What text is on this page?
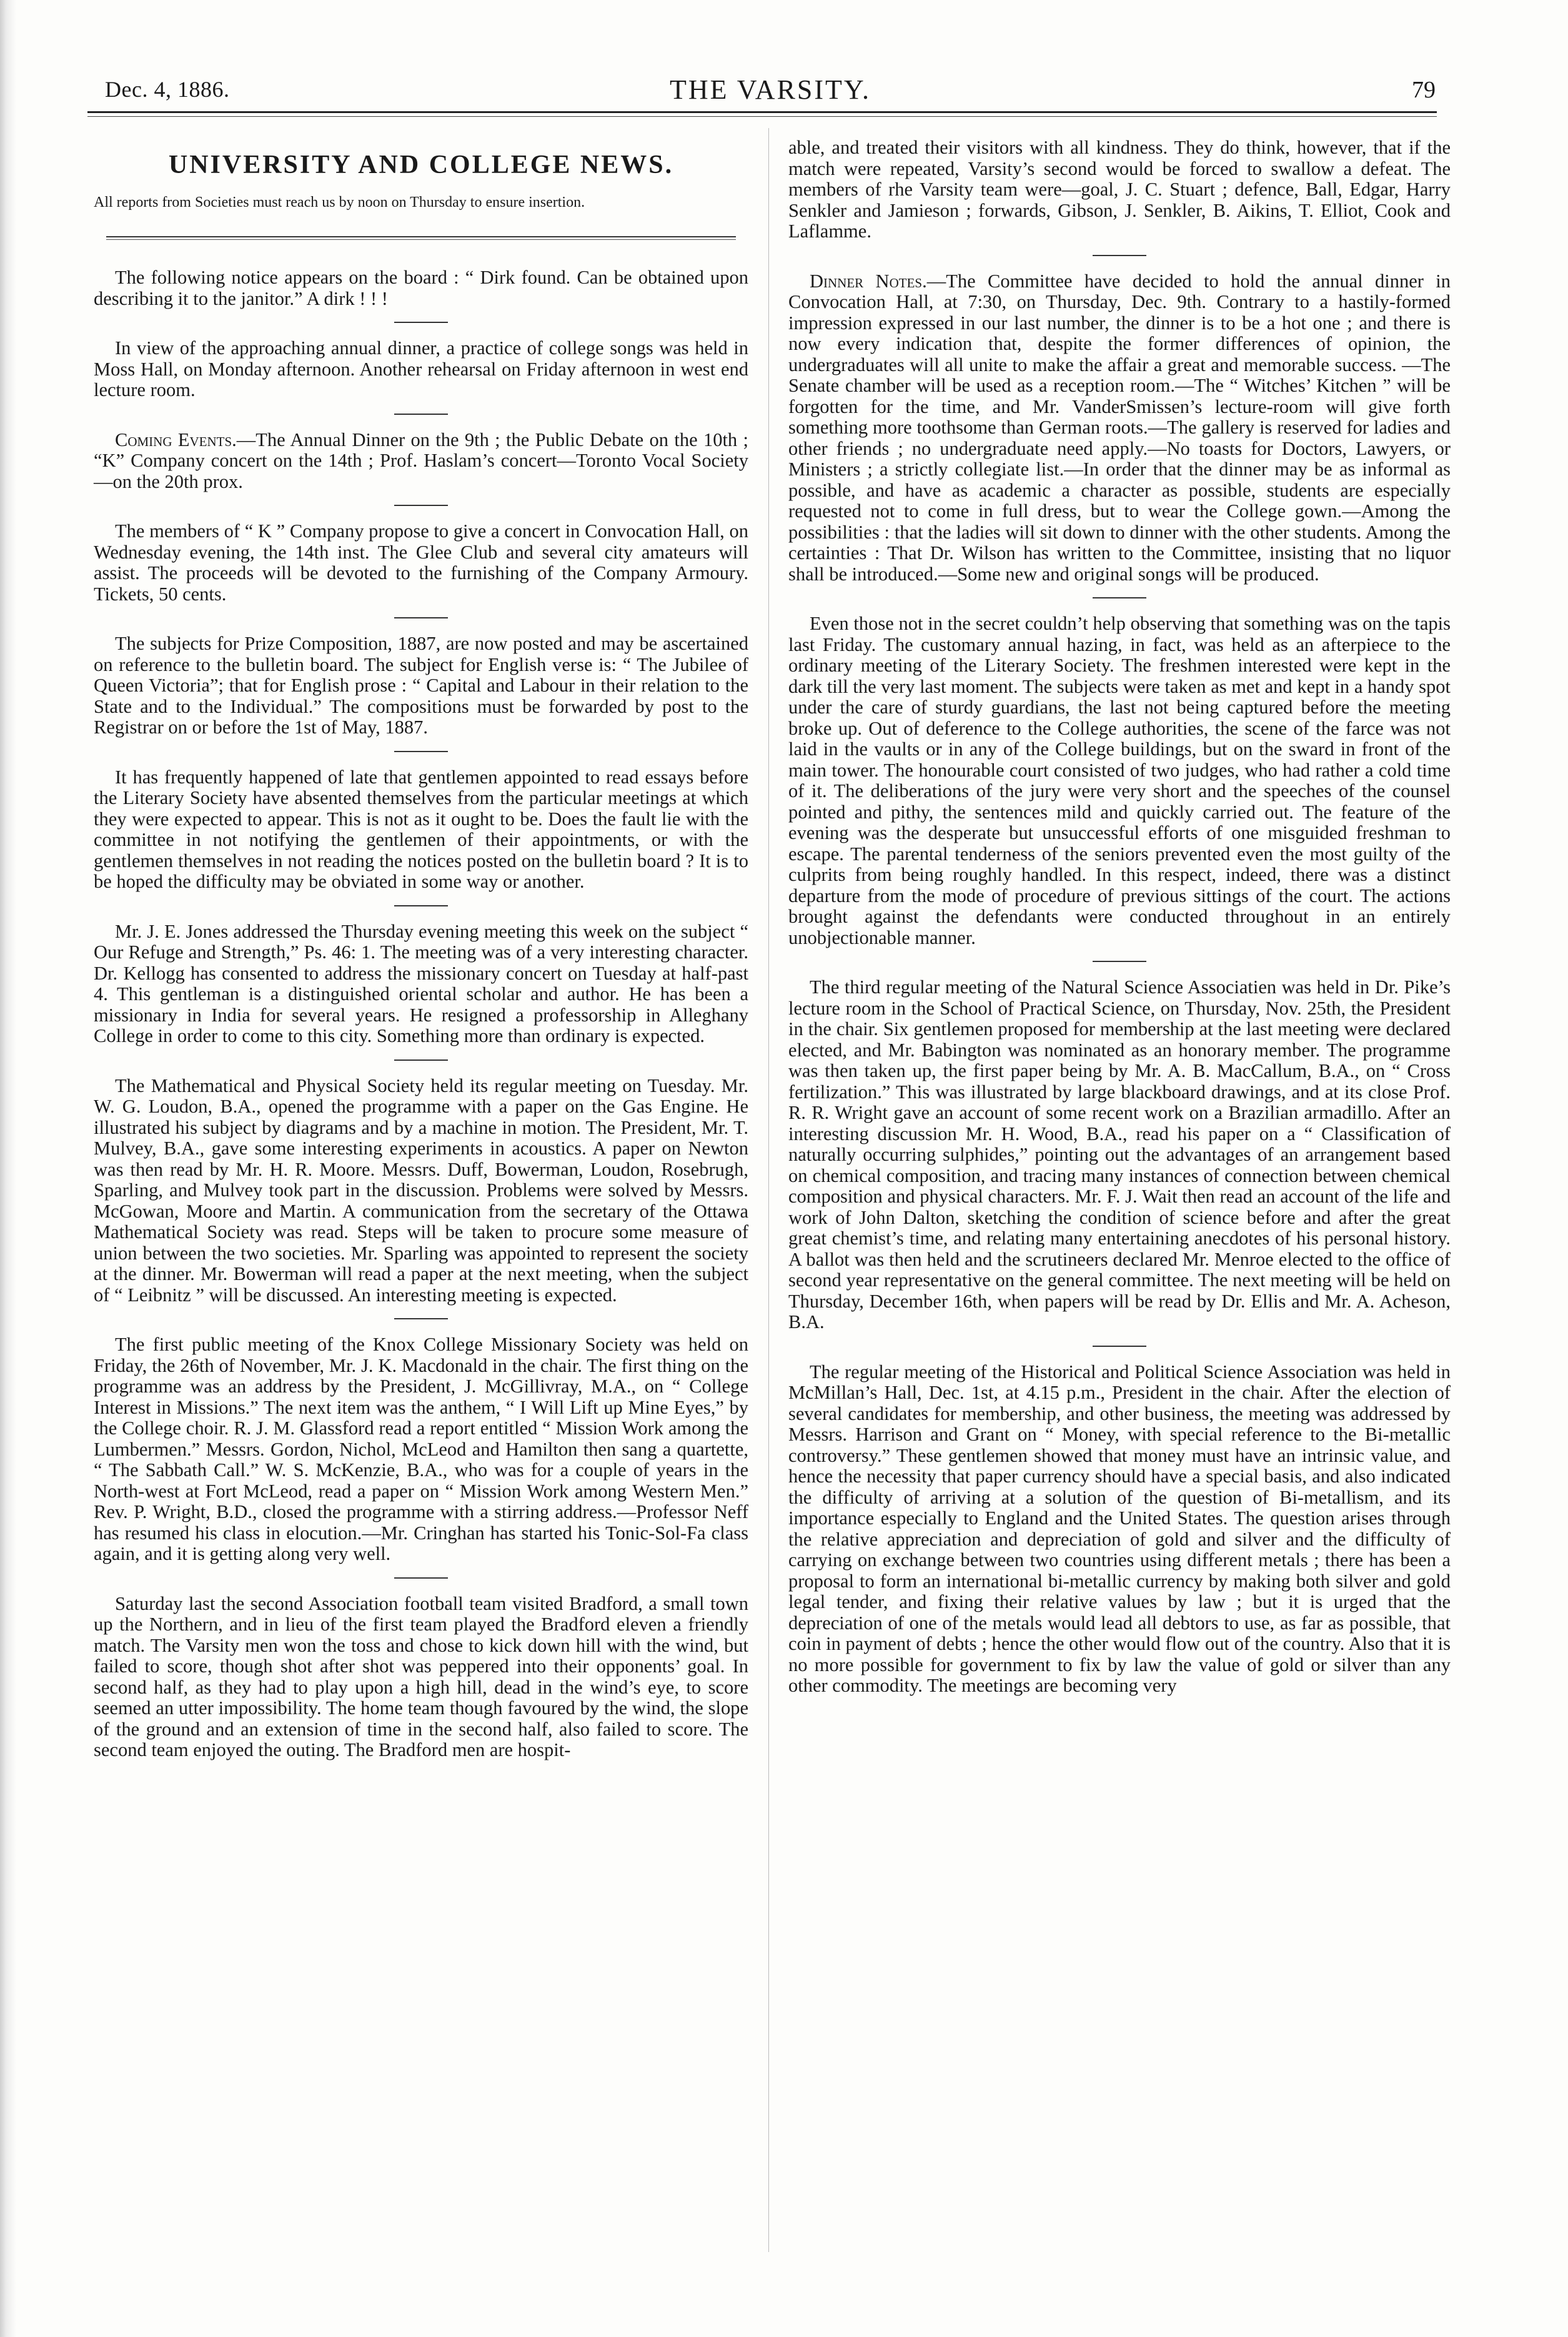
Dec. 4, 1886.	THE VARSITY.	79
UNIVERSITY AND COLLEGE NEWS.

All reports from Societies must reach us by noon on Thursday to ensure insertion.

The following notice appears on the board : “ Dirk found. Can be obtained upon describing it to the janitor.” A dirk ! ! !

In view of the approaching annual dinner, a practice of college songs was held in Moss Hall, on Monday afternoon. Another rehearsal on Friday afternoon in west end lecture room.

Coming Events.—The Annual Dinner on the 9th ; the Public Debate on the 10th ; “K” Company concert on the 14th ; Prof. Haslam’s concert—Toronto Vocal Society—on the 20th prox.

The members of “ K ” Company propose to give a concert in Convocation Hall, on Wednesday evening, the 14th inst. The Glee Club and several city amateurs will assist. The proceeds will be devoted to the furnishing of the Company Armoury. Tickets, 50 cents.

The subjects for Prize Composition, 1887, are now posted and may be ascertained on reference to the bulletin board. The subject for English verse is: “ The Jubilee of Queen Victoria”; that for English prose : “ Capital and Labour in their relation to the State and to the Individual.” The compositions must be forwarded by post to the Registrar on or before the 1st of May, 1887.

It has frequently happened of late that gentlemen appointed to read essays before the Literary Society have absented themselves from the particular meetings at which they were expected to appear. This is not as it ought to be. Does the fault lie with the committee in not notifying the gentlemen of their appointments, or with the gentlemen themselves in not reading the notices posted on the bulletin board ? It is to be hoped the difficulty may be obviated in some way or another.

Mr. J. E. Jones addressed the Thursday evening meeting this week on the subject “ Our Refuge and Strength,” Ps. 46: 1. The meeting was of a very interesting character. Dr. Kellogg has consented to address the missionary concert on Tuesday at half-past 4. This gentleman is a distinguished oriental scholar and author. He has been a missionary in India for several years. He resigned a professorship in Alleghany College in order to come to this city. Something more than ordinary is expected.

The Mathematical and Physical Society held its regular meeting on Tuesday. Mr. W. G. Loudon, B.A., opened the programme with a paper on the Gas Engine. He illustrated his subject by diagrams and by a machine in motion. The President, Mr. T. Mulvey, B.A., gave some interesting experiments in acoustics. A paper on Newton was then read by Mr. H. R. Moore. Messrs. Duff, Bowerman, Loudon, Rosebrugh, Sparling, and Mulvey took part in the discussion. Problems were solved by Messrs. McGowan, Moore and Martin. A communication from the secretary of the Ottawa Mathematical Society was read. Steps will be taken to procure some measure of union between the two societies. Mr. Sparling was appointed to represent the society at the dinner. Mr. Bowerman will read a paper at the next meeting, when the subject of “ Leibnitz ” will be discussed. An interesting meeting is expected.

The first public meeting of the Knox College Missionary Society was held on Friday, the 26th of November, Mr. J. K. Macdonald in the chair. The first thing on the programme was an address by the President, J. McGillivray, M.A., on “ College Interest in Missions.” The next item was the anthem, “ I Will Lift up Mine Eyes,” by the College choir. R. J. M. Glassford read a report entitled “ Mission Work among the Lumbermen.” Messrs. Gordon, Nichol, McLeod and Hamilton then sang a quartette, “ The Sabbath Call.” W. S. McKenzie, B.A., who was for a couple of years in the North-west at Fort McLeod, read a paper on “ Mission Work among Western Men.” Rev. P. Wright, B.D., closed the programme with a stirring address.—Professor Neff has resumed his class in elocution.—Mr. Cringhan has started his Tonic-Sol-Fa class again, and it is getting along very well.

Saturday last the second Association football team visited Bradford, a small town up the Northern, and in lieu of the first team played the Bradford eleven a friendly match. The Varsity men won the toss and chose to kick down hill with the wind, but failed to score, though shot after shot was peppered into their opponents’ goal. In second half, as they had to play upon a high hill, dead in the wind’s eye, to score seemed an utter impossibility. The home team though favoured by the wind, the slope of the ground and an extension of time in the second half, also failed to score. The second team enjoyed the outing. The Bradford men are hospit-

able, and treated their visitors with all kindness. They do think, however, that if the match were repeated, Varsity’s second would be forced to swallow a defeat. The members of rhe Varsity team were—goal, J. C. Stuart ; defence, Ball, Edgar, Harry Senkler and Jamieson ; forwards, Gibson, J. Senkler, B. Aikins, T. Elliot, Cook and Laflamme.

Dinner Notes.—The Committee have decided to hold the annual dinner in Convocation Hall, at 7:30, on Thursday, Dec. 9th. Contrary to a hastily-formed impression expressed in our last number, the dinner is to be a hot one ; and there is now every indication that, despite the former differences of opinion, the undergraduates will all unite to make the affair a great and memorable success. —The Senate chamber will be used as a reception room.—The “ Witches’ Kitchen ” will be forgotten for the time, and Mr. VanderSmissen’s lecture-room will give forth something more toothsome than German roots.—The gallery is reserved for ladies and other friends ; no undergraduate need apply.—No toasts for Doctors, Lawyers, or Ministers ; a strictly collegiate list.—In order that the dinner may be as informal as possible, and have as academic a character as possible, students are especially requested not to come in full dress, but to wear the College gown.—Among the possibilities : that the ladies will sit down to dinner with the other students. Among the certainties : That Dr. Wilson has written to the Committee, insisting that no liquor shall be introduced.—Some new and original songs will be produced.

Even those not in the secret couldn’t help observing that something was on the tapis last Friday. The customary annual hazing, in fact, was held as an afterpiece to the ordinary meeting of the Literary Society. The freshmen interested were kept in the dark till the very last moment. The subjects were taken as met and kept in a handy spot under the care of sturdy guardians, the last not being captured before the meeting broke up. Out of deference to the College authorities, the scene of the farce was not laid in the vaults or in any of the College buildings, but on the sward in front of the main tower. The honourable court consisted of two judges, who had rather a cold time of it. The deliberations of the jury were very short and the speeches of the counsel pointed and pithy, the sentences mild and quickly carried out. The feature of the evening was the desperate but unsuccessful efforts of one misguided freshman to escape. The parental tenderness of the seniors prevented even the most guilty of the culprits from being roughly handled. In this respect, indeed, there was a distinct departure from the mode of procedure of previous sittings of the court. The actions brought against the defendants were conducted throughout in an entirely unobjectionable manner.

The third regular meeting of the Natural Science Associatien was held in Dr. Pike’s lecture room in the School of Practical Science, on Thursday, Nov. 25th, the President in the chair. Six gentlemen proposed for membership at the last meeting were declared elected, and Mr. Babington was nominated as an honorary member. The programme was then taken up, the first paper being by Mr. A. B. MacCallum, B.A., on “ Cross fertilization.” This was illustrated by large blackboard drawings, and at its close Prof. R. R. Wright gave an account of some recent work on a Brazilian armadillo. After an interesting discussion Mr. H. Wood, B.A., read his paper on a “ Classification of naturally occurring sulphides,” pointing out the advantages of an arrangement based on chemical composition, and tracing many instances of connection between chemical composition and physical characters. Mr. F. J. Wait then read an account of the life and work of John Dalton, sketching the condition of science before and after the great great chemist’s time, and relating many entertaining anecdotes of his personal history. A ballot was then held and the scrutineers declared Mr. Menroe elected to the office of second year representative on the general committee. The next meeting will be held on Thursday, December 16th, when papers will be read by Dr. Ellis and Mr. A. Acheson, B.A.

The regular meeting of the Historical and Political Science Association was held in McMillan’s Hall, Dec. 1st, at 4.15 p.m., President in the chair. After the election of several candidates for membership, and other business, the meeting was addressed by Messrs. Harrison and Grant on “ Money, with special reference to the Bi-metallic controversy.” These gentlemen showed that money must have an intrinsic value, and hence the necessity that paper currency should have a special basis, and also indicated the difficulty of arriving at a solution of the question of Bi-metallism, and its importance especially to England and the United States. The question arises through the relative appreciation and depreciation of gold and silver and the difficulty of carrying on exchange between two countries using different metals ; there has been a proposal to form an international bi-metallic currency by making both silver and gold legal tender, and fixing their relative values by law ; but it is urged that the depreciation of one of the metals would lead all debtors to use, as far as possible, that coin in payment of debts ; hence the other would flow out of the country. Also that it is no more possible for government to fix by law the value of gold or silver than any other commodity. The meetings are becoming very
